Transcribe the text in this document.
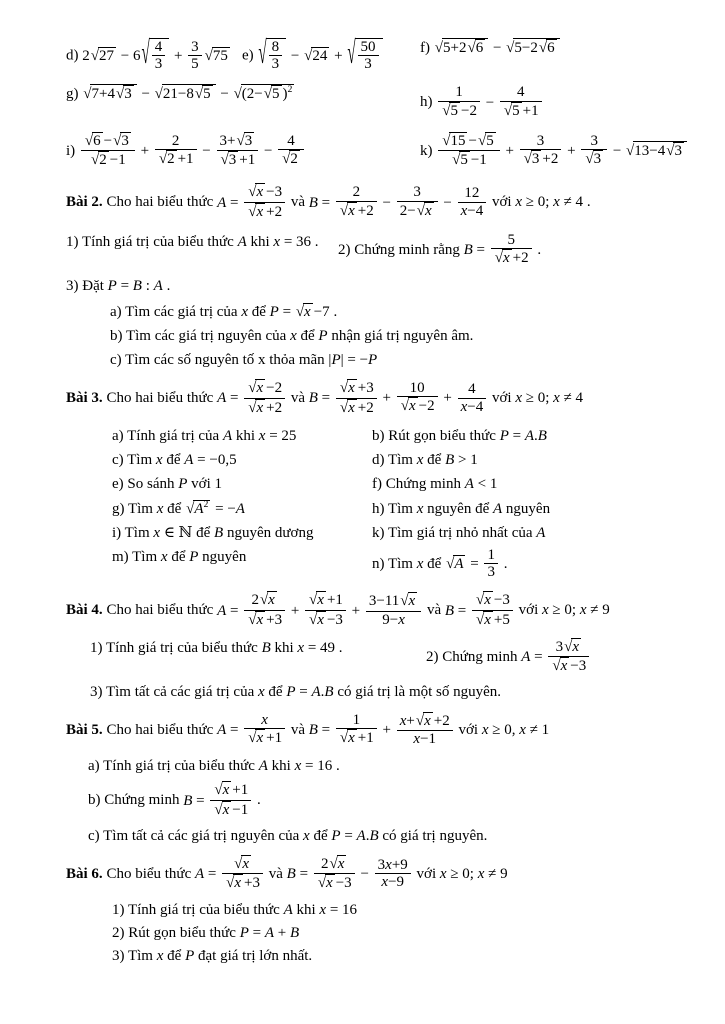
d) 2 √ 27 − 6 √ $\frac{4}{3} + \frac{3}{5}$ √ 75 e) √ $\frac{8}{3}$ − √ 24 + √ $\frac{50}{3}$	f) √ 5+2 √ 6 − √ 5−2 √ 6
g) √ 7+4 √ 3 − √ 21−8 √ 5 − √ (2− √ 5 )$^2$
$h) \frac{1}{√ 5 -2} - \frac{4}{√ 5 +1}$
$i) \frac{√ 6 - √ 3}{√ 2 -1} + \frac{2}{√ 2 +1} - \frac{3+ √ 3}{√ 3 +1} - \frac{4}{√ 2}$	$k) \frac{√ 15 - √ 5}{√ 5 -1} + \frac{3}{√ 3 +2} + \frac{3}{√ 3}$ − √ 13−4 √ 3
Bài 2. Cho hai biểu thức $A = \frac{√ x -3}{√ x +2}$ và $B = \frac{2}{√ x +2} - \frac{3}{2- √ x} - \frac{12}{x-4}$ với x ≥ 0; x ≠ 4 .
1) Tính giá trị của biểu thức A khi x = 36 .
2) Chứng minh rằng $B = \frac{5}{√ x +2}$ .
3) Đặt P = B : A .
a) Tìm các giá trị của x để P = √ x −7 .
b) Tìm các giá trị nguyên của x để P nhận giá trị nguyên âm.
c) Tìm các số nguyên tố x thỏa mãn |P| = −P
Bài 3. Cho hai biểu thức $A = \frac{√ x -2}{√ x +2}$ và $B = \frac{√ x +3}{√ x +2} + \frac{10}{√ x -2} + \frac{4}{x-4}$ với x ≥ 0; x ≠ 4
a) Tính giá trị của A khi x = 25	b) Rút gọn biểu thức P = A.B
c) Tìm x để A = −0,5	d) Tìm x để B > 1
e) So sánh P với 1	f) Chứng minh A < 1
g) Tìm x để √ $A^2 = -A$	h) Tìm x nguyên để A nguyên
i) Tìm x ∈ ℕ để B nguyên dương	k) Tìm giá trị nhỏ nhất của A
m) Tìm x để P nguyên	n) Tìm x để √ $A = \frac{1}{3}$ .
Bài 4. Cho hai biểu thức $A = \frac{2 √ x}{√ x +3} + \frac{√ x +1}{√ x -3} + \frac{3-11 √ x}{9-x}$ và $B = \frac{√ x -3}{√ x +5}$ với x ≥ 0; x ≠ 9
1) Tính giá trị của biểu thức B khi x = 49 .
2) Chứng minh $A = \frac{3 √ x}{√ x -3}$
3) Tìm tất cả các giá trị của x để P = A.B có giá trị là một số nguyên.
Bài 5. Cho hai biểu thức $A = \frac{x}{√ x +1}$ và $B = \frac{1}{√ x +1} + \frac{x+ √ x +2}{x-1}$ với x ≥ 0, x ≠ 1
a) Tính giá trị của biểu thức A khi x = 16 .
b) Chứng minh $B = \frac{√ x +1}{√ x -1}$ .
c) Tìm tất cả các giá trị nguyên của x để P = A.B có giá trị nguyên.
Bài 6. Cho biểu thức $A = \frac{√ x}{√ x +3}$ và $B = \frac{2 √ x}{√ x -3} - \frac{3x+9}{x-9}$ với x ≥ 0; x ≠ 9
1) Tính giá trị của biểu thức A khi x = 16
2) Rút gọn biểu thức P = A + B
3) Tìm x để P đạt giá trị lớn nhất.
